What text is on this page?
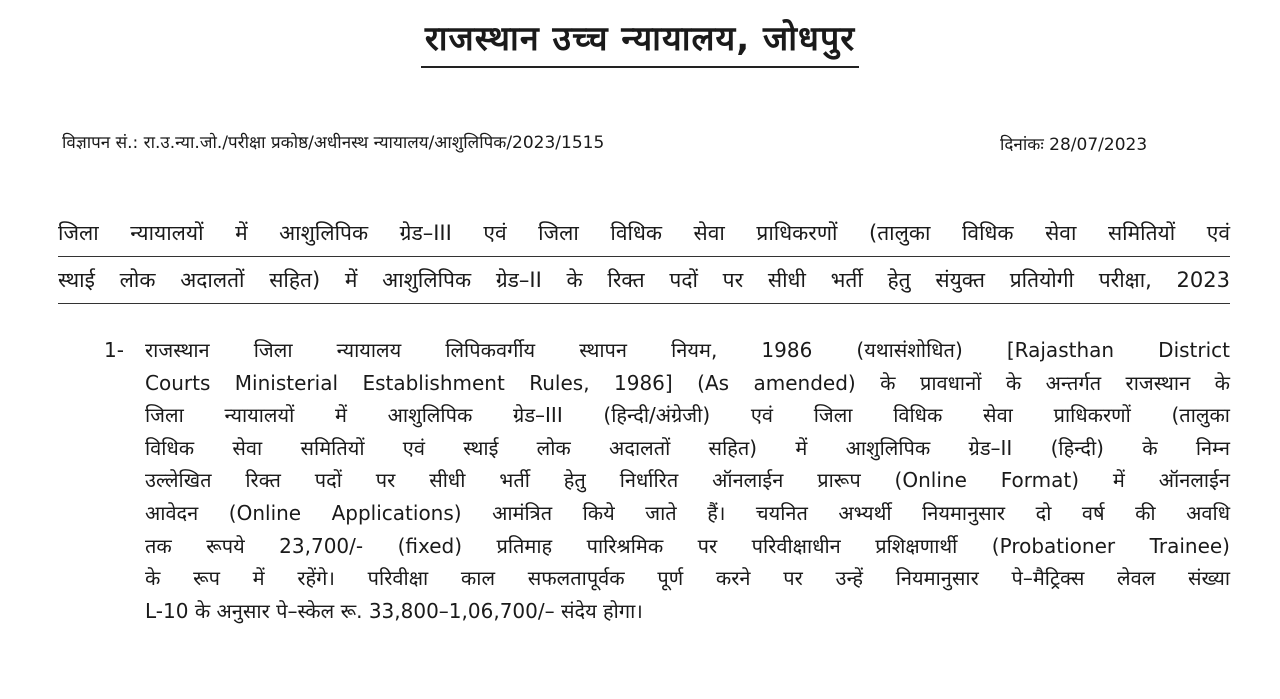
राजस्थान उच्च न्यायालय, जोधपुर
विज्ञापन सं.: रा.उ.न्या.जो./परीक्षा प्रकोष्ठ/अधीनस्थ न्यायालय/आशुलिपिक/2023/1515	दिनांकः 28/07/2023
जिला न्यायालयों में आशुलिपिक ग्रेड–III एवं जिला विधिक सेवा प्राधिकरणों (तालुका विधिक सेवा समितियों एवं
स्थाई लोक अदालतों सहित) में आशुलिपिक ग्रेड–II के रिक्त पदों पर सीधी भर्ती हेतु संयुक्त प्रतियोगी परीक्षा, 2023
1- राजस्थान जिला न्यायालय लिपिकवर्गीय स्थापन नियम, 1986 (यथासंशोधित) [Rajasthan District
Courts Ministerial Establishment Rules, 1986] (As amended) के प्रावधानों के अन्तर्गत राजस्थान के
जिला न्यायालयों में आशुलिपिक ग्रेड–III (हिन्दी/अंग्रेजी) एवं जिला विधिक सेवा प्राधिकरणों (तालुका
विधिक सेवा समितियों एवं स्थाई लोक अदालतों सहित) में आशुलिपिक ग्रेड–II (हिन्दी) के निम्न
उल्लेखित रिक्त पदों पर सीधी भर्ती हेतु निर्धारित ऑनलाईन प्रारूप (Online Format) में ऑनलाईन
आवेदन (Online Applications) आमंत्रित किये जाते हैं। चयनित अभ्यर्थी नियमानुसार दो वर्ष की अवधि
तक रूपये 23,700/- (fixed) प्रतिमाह पारिश्रमिक पर परिवीक्षाधीन प्रशिक्षणार्थी (Probationer Trainee)
के रूप में रहेंगे। परिवीक्षा काल सफलतापूर्वक पूर्ण करने पर उन्हें नियमानुसार पे–मैट्रिक्स लेवल संख्या
L-10 के अनुसार पे–स्केल रू. 33,800–1,06,700/– संदेय होगा।
